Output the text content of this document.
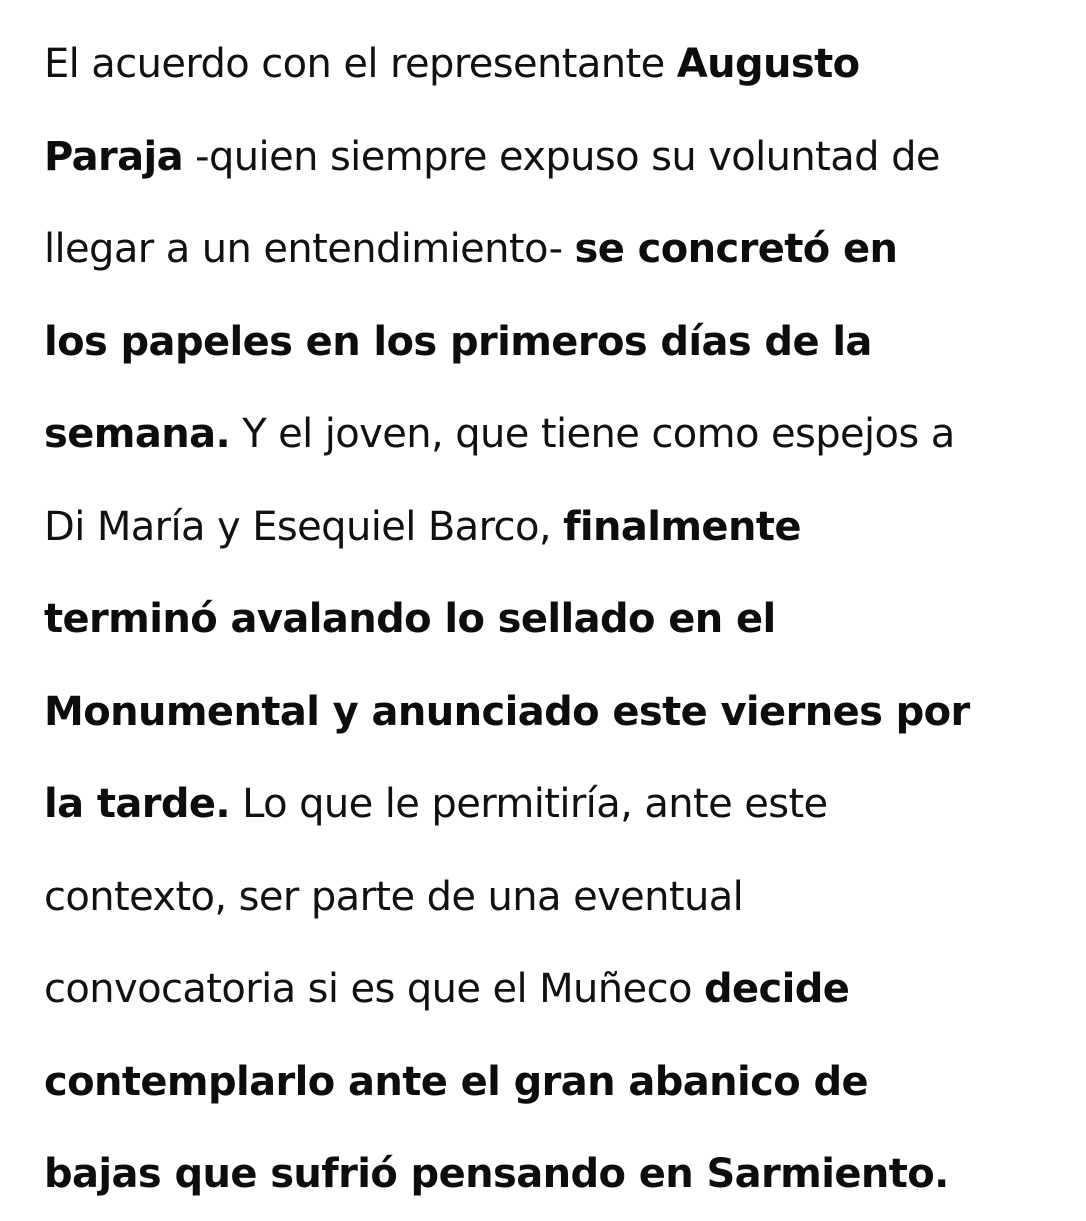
El acuerdo con el representante Augusto
Paraja -quien siempre expuso su voluntad de
llegar a un entendimiento- se concretó en
los papeles en los primeros días de la
semana. Y el joven, que tiene como espejos a
Di María y Esequiel Barco, finalmente
terminó avalando lo sellado en el
Monumental y anunciado este viernes por
la tarde. Lo que le permitiría, ante este
contexto, ser parte de una eventual
convocatoria si es que el Muñeco decide
contemplarlo ante el gran abanico de
bajas que sufrió pensando en Sarmiento.
